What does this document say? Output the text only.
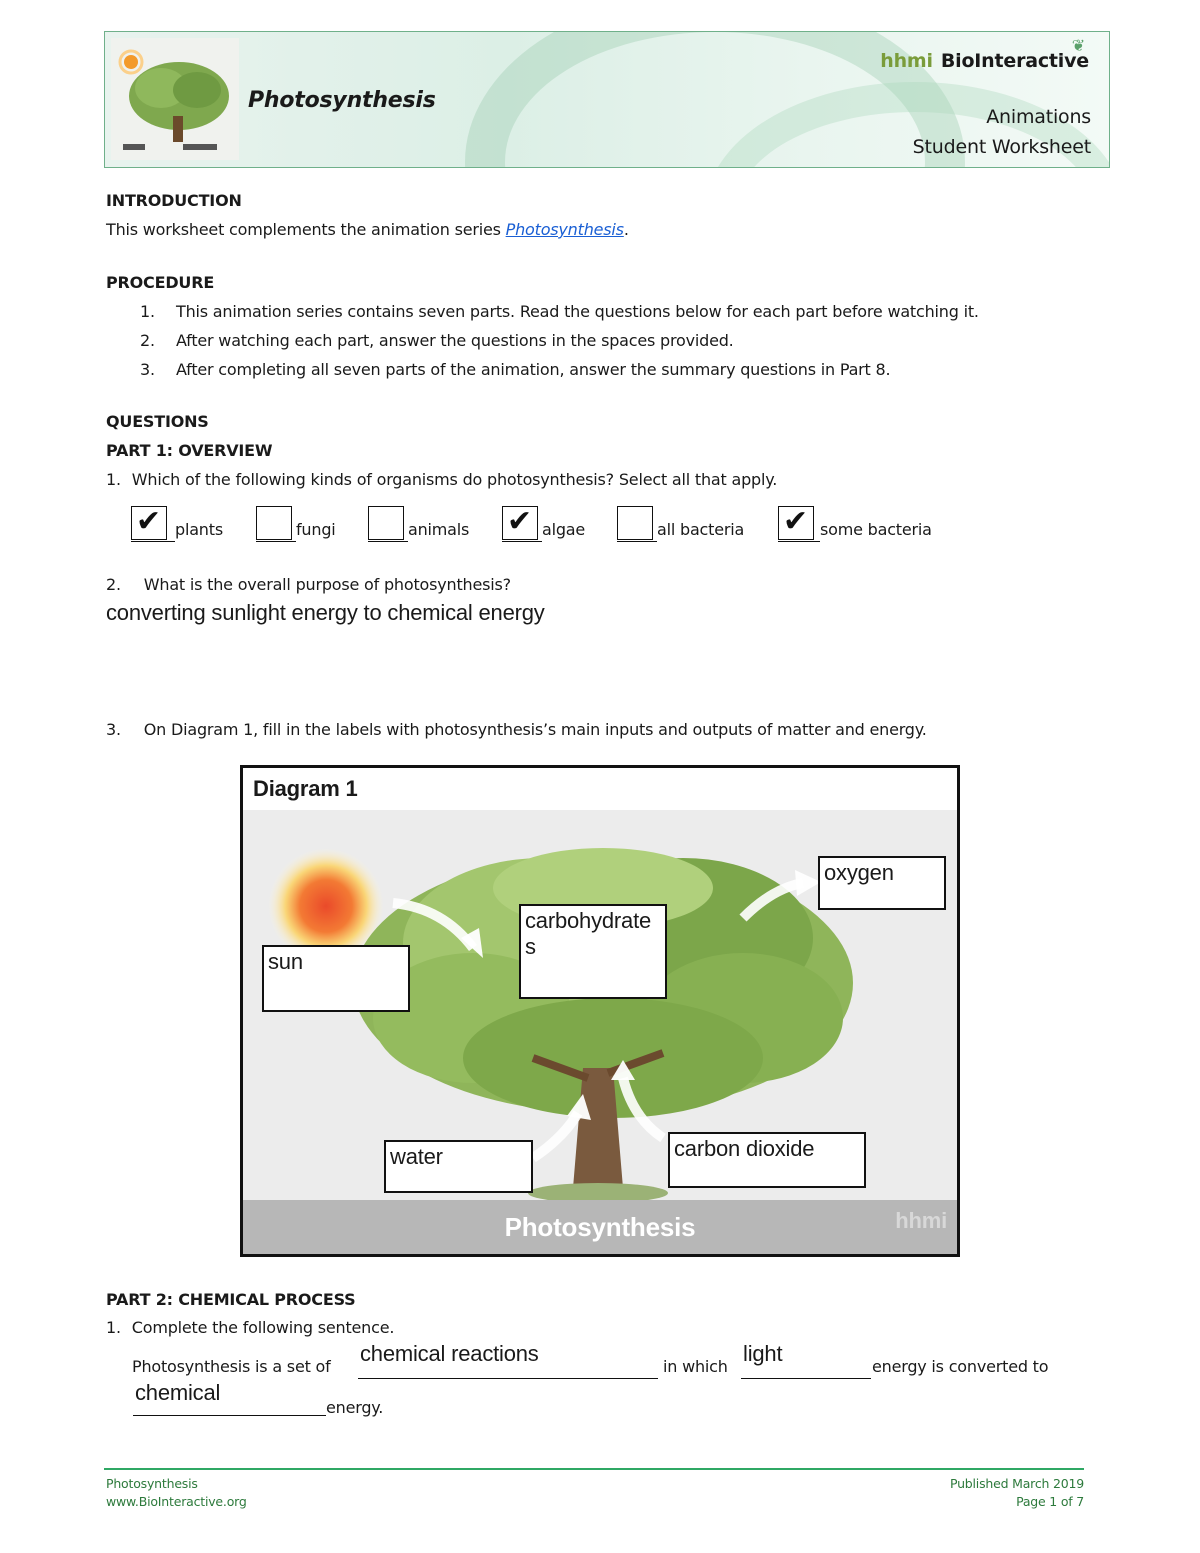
Photosynthesis
❦
hhmi BioInteractive
Animations
Student Worksheet
INTRODUCTION
This worksheet complements the animation series Photosynthesis.
PROCEDURE
1.	This animation series contains seven parts. Read the questions below for each part before watching it.
2.	After watching each part, answer the questions in the spaces provided.
3.	After completing all seven parts of the animation, answer the summary questions in Part 8.
QUESTIONS
PART 1: OVERVIEW
1. Which of the following kinds of organisms do photosynthesis? Select all that apply.
✔ plants	fungi	animals ✔ algae	all bacteria ✔ some bacteria
2. What is the overall purpose of photosynthesis?
converting sunlight energy to chemical energy
3. On Diagram 1, fill in the labels with photosynthesis’s main inputs and outputs of matter and energy.
Diagram 1
Photosynthesis	hhmi
sun
carbohydrate s
oxygen
water	carbon dioxide
PART 2: CHEMICAL PROCESS
1. Complete the following sentence.
Photosynthesis is a set of
chemical reactions
in which
light
energy is converted to
chemical
energy.
Photosynthesis
www.BioInteractive.org
Published March 2019
Page 1 of 7
